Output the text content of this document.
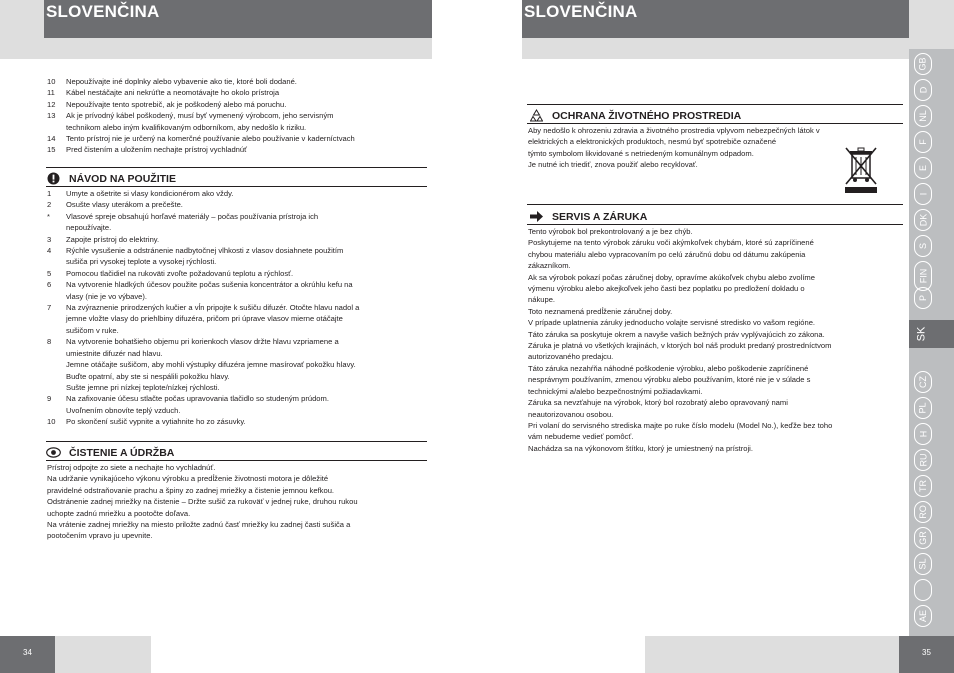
SLOVENČINA
10	Nepoužívajte iné doplnky alebo vybavenie ako tie, ktoré boli dodané.
11	Kábel nestáčajte ani nekrúťte a neomotávajte ho okolo prístroja
12	Nepoužívajte tento spotrebič, ak je poškodený alebo má poruchu.
13	Ak je prívodný kábel poškodený, musí byť vymenený výrobcom, jeho servisným
technikom alebo iným kvalifikovaným odborníkom, aby nedošlo k riziku.
14	Tento prístroj nie je určený na komerčné používanie alebo používanie v kaderníctvach
15	Pred čistením a uložením nechajte prístroj vychladnúť
NÁVOD NA POUŽITIE
1	Umyte a ošetrite si vlasy kondicionérom ako vždy.
2	Osušte vlasy uterákom a prečešte.
*	Vlasové spreje obsahujú horľavé materiály – počas používania prístroja ich
nepoužívajte.
3	Zapojte prístroj do elektriny.
4	Rýchle vysušenie a odstránenie nadbytočnej vlhkosti z vlasov dosiahnete použitím
sušiča pri vysokej teplote a vysokej rýchlosti.
5	Pomocou tlačidiel na rukoväti zvoľte požadovanú teplotu a rýchlosť.
6	Na vytvorenie hladkých účesov použite počas sušenia koncentrátor a okrúhlu kefu na
vlasy (nie je vo výbave).
7	Na zvýraznenie prirodzených kučier a vĺn pripojte k sušiču difuzér. Otočte hlavu nadol a
jemne vložte vlasy do priehlbiny difuzéra, pričom pri úprave vlasov mierne otáčajte
sušičom v ruke.
8	Na vytvorenie bohatšieho objemu pri korienkoch vlasov držte hlavu vzpriamene a
umiestnite difuzér nad hlavu.
Jemne otáčajte sušičom, aby mohli výstupky difuzéra jemne masírovať pokožku hlavy.
Buďte opatrní, aby ste si nespálili pokožku hlavy.
Sušte jemne pri nízkej teplote/nízkej rýchlosti.
9	Na zafixovanie účesu stlačte počas upravovania tlačidlo so studeným prúdom.
Uvoľnením obnovíte teplý vzduch.
10	Po skončení sušič vypnite a vytiahnite ho zo zásuvky.
ČISTENIE A ÚDRŽBA
Prístroj odpojte zo siete a nechajte ho vychladnúť.
Na udržanie vynikajúceho výkonu výrobku a predĺženie životnosti motora je dôležité
pravidelné odstraňovanie prachu a špiny zo zadnej mriežky a čistenie jemnou kefkou.
Odstránenie zadnej mriežky na čistenie – Držte sušič za rukoväť v jednej ruke, druhou rukou
uchopte zadnú mriežku a pootočte doľava.
Na vrátenie zadnej mriežky na miesto priložte zadnú časť mriežky ku zadnej časti sušiča a
pootočením vpravo ju upevnite.
34
SLOVENČINA
OCHRANA ŽIVOTNÉHO PROSTREDIA
Aby nedošlo k ohrozeniu zdravia a životného prostredia vplyvom nebezpečných látok v
elektrických a elektronických produktoch, nesmú byť spotrebiče označené
týmto symbolom likvidované s netriedeným komunálnym odpadom.
Je nutné ich triediť, znova použiť alebo recyklovať.
SERVIS A ZÁRUKA
Tento výrobok bol prekontrolovaný a je bez chýb.
Poskytujeme na tento výrobok záruku voči akýmkoľvek chybám, ktoré sú zapríčinené
chybou materiálu alebo vypracovaním po celú záručnú dobu od dátumu zakúpenia
zákazníkom.
Ak sa výrobok pokazí počas záručnej doby, opravíme akúkoľvek chybu alebo zvolíme
výmenu výrobku alebo akejkoľvek jeho časti bez poplatku po predložení dokladu o
nákupe.
Toto neznamená predĺženie záručnej doby.
V prípade uplatnenia záruky jednoducho volajte servisné stredisko vo vašom regióne.
Táto záruka sa poskytuje okrem a navyše vašich bežných práv vyplývajúcich zo zákona.
Záruka je platná vo všetkých krajinách, v ktorých bol náš produkt predaný prostredníctvom
autorizovaného predajcu.
Táto záruka nezahŕňa náhodné poškodenie výrobku, alebo poškodenie zapríčinené
nesprávnym používaním, zmenou výrobku alebo používaním, ktoré nie je v súlade s
technickými a/alebo bezpečnostnými požiadavkami.
Záruka sa nevzťahuje na výrobok, ktorý bol rozobratý alebo opravovaný nami
neautorizovanou osobou.
Pri volaní do servisného strediska majte po ruke číslo modelu (Model No.), keďže bez toho
vám nebudeme vedieť pomôcť.
Nachádza sa na výkonovom štítku, ktorý je umiestnený na prístroji.
35
GB
D
NL
F
E
I
DK
S
FIN
P
CZ
PL
H
RU
TR
RO
GR
SL
AE
SK
